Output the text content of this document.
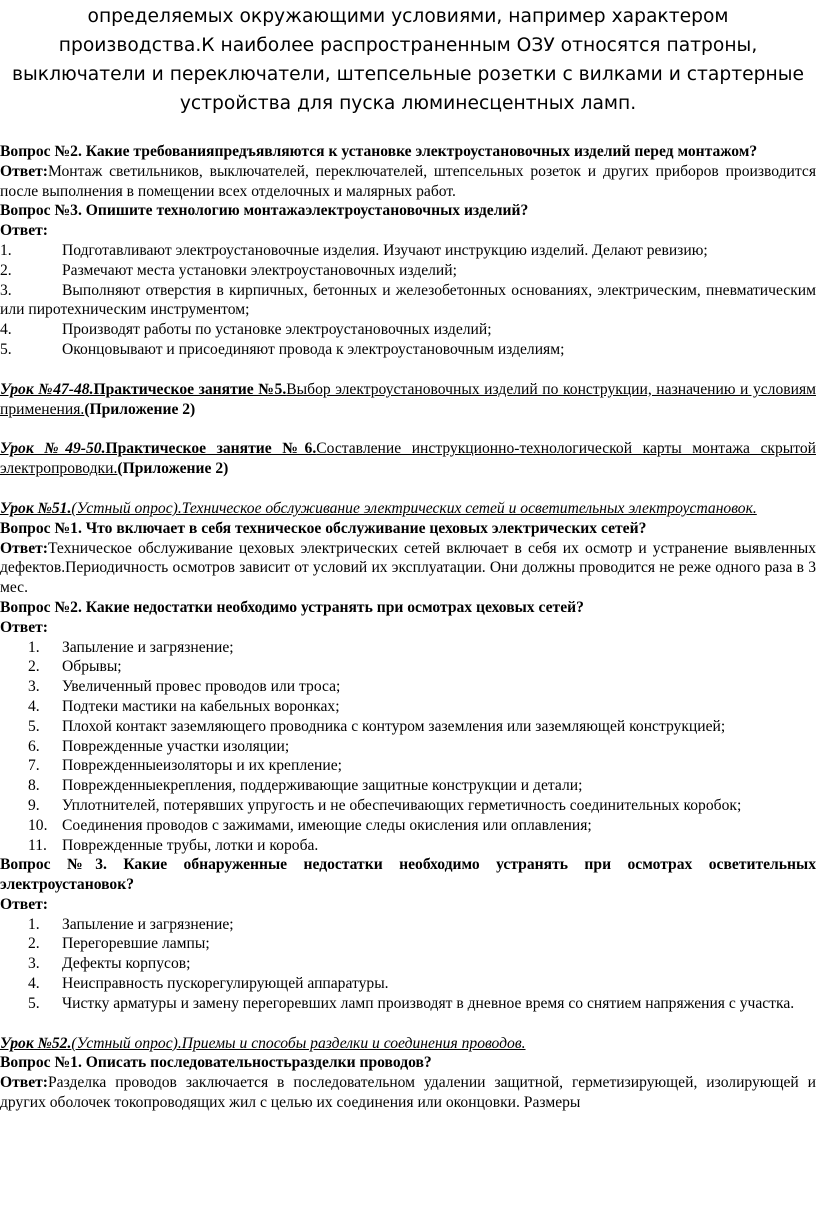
определяемых окружающими условиями, например характером производства.К наиболее распространенным ОЗУ относятся патроны, выключатели и переключатели, штепсельные розетки с вилками и стартерные устройства для пуска люминесцентных ламп.

Вопрос №2. Какие требованияпредъявляются к установке электроустановочных изделий перед монтажом?

Ответ:Монтаж светильников, выключателей, переключателей, штепсельных розеток и других приборов производится после выполнения в помещении всех отделочных и малярных работ.

Вопрос №3. Опишите технологию монтажаэлектроустановочных изделий?

Ответ:

1.	Подготавливают электроустановочные изделия. Изучают инструкцию изделий. Делают ревизию;
2.	Размечают места установки электроустановочных изделий;
3.	Выполняют отверстия в кирпичных, бетонных и железобетонных основаниях, электрическим, пневматическим или пиротехническим инструментом;
4.	Производят работы по установке электроустановочных изделий;
5.	Оконцовывают и присоединяют провода к электроустановочным изделиям;

Урок №47-48.Практическое занятие №5.Выбор электроустановочных изделий по конструкции, назначению и условиям применения.(Приложение 2)

Урок №49-50.Практическое занятие №6.Составление инструкционно-технологической карты монтажа скрытой электропроводки.(Приложение 2)

Урок №51.(Устный опрос).Техническое обслуживание электрических сетей и осветительных электроустановок.

Вопрос №1. Что включает в себя техническое обслуживание цеховых электрических сетей?

Ответ:Техническое обслуживание цеховых электрических сетей включает в себя их осмотр и устранение выявленных дефектов.Периодичность осмотров зависит от условий их эксплуатации. Они должны проводится не реже одного раза в 3 мес.

Вопрос №2. Какие недостатки необходимо устранять при осмотрах цеховых сетей?

Ответ:

1.	Запыление и загрязнение;
2.	Обрывы;
3.	Увеличенный провес проводов или троса;
4.	Подтеки мастики на кабельных воронках;
5.	Плохой контакт заземляющего проводника с контуром заземления или заземляющей конструкцией;
6.	Поврежденные участки изоляции;
7.	Поврежденныеизоляторы и их крепление;
8.	Поврежденныекрепления, поддерживающие защитные конструкции и детали;
9.	Уплотнителей, потерявших упругость и не обеспечивающих герметичность соединительных коробок;
10. Соединения проводов с зажимами, имеющие следы окисления или оплавления;
11. Поврежденные трубы, лотки и короба.

Вопрос №3. Какие обнаруженные недостатки необходимо устранять при осмотрах осветительных электроустановок?

Ответ:

1.	Запыление и загрязнение;
2.	Перегоревшие лампы;
3.	Дефекты корпусов;
4.	Неисправность пускорегулирующей аппаратуры.
5.	Чистку арматуры и замену перегоревших ламп производят в дневное время со снятием напряжения с участка.

Урок №52.(Устный опрос).Приемы и способы разделки и соединения проводов.

Вопрос №1. Описать последовательностьразделки проводов?

Ответ:Разделка проводов заключается в последовательном удалении защитной, герметизирующей, изолирующей и других оболочек токопроводящих жил с целью их соединения или оконцовки. Размеры
